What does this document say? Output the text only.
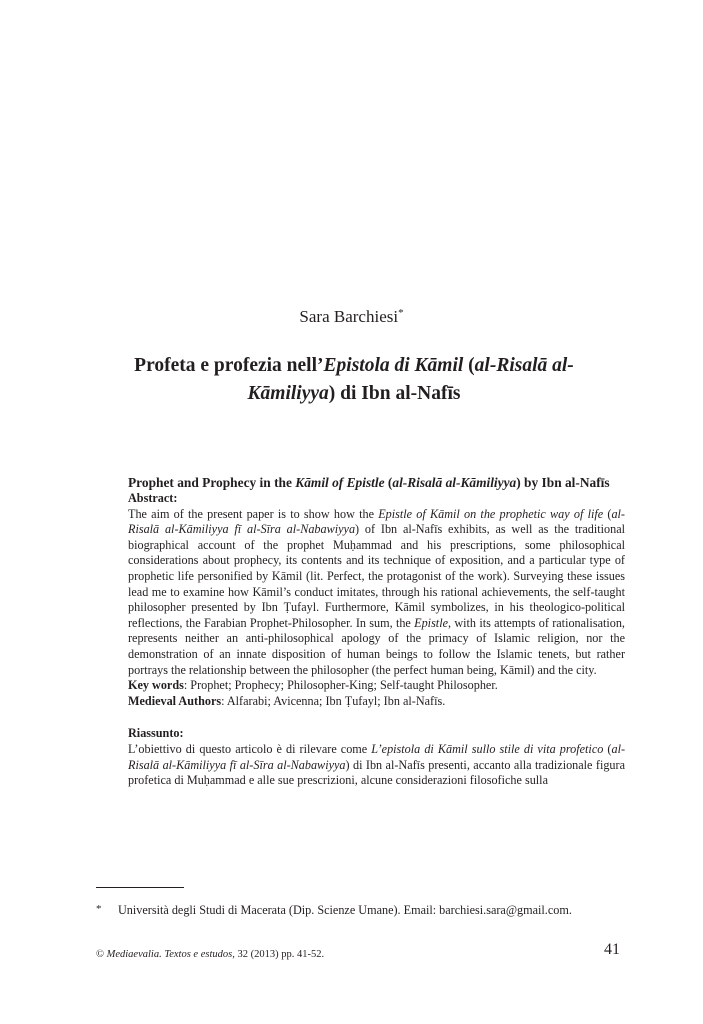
Sara Barchiesi*
Profeta e profezia nell’Epistola di Kāmil (al-Risalā al-Kāmiliyya) di Ibn al-Nafīs
Prophet and Prophecy in the Kāmil of Epistle (al-Risalā al-Kāmiliyya) by Ibn al-Nafīs
Abstract:

The aim of the present paper is to show how the Epistle of Kāmil on the prophetic way of life (al-Risalā al-Kāmiliyya fī al-Sīra al-Nabawiyya) of Ibn al-Nafīs exhibits, as well as the traditional biographical account of the prophet Muḥammad and his prescriptions, some philosophical considerations about prophecy, its contents and its technique of exposition, and a particular type of prophetic life personified by Kāmil (lit. Perfect, the protagonist of the work). Surveying these issues lead me to examine how Kāmil’s conduct imitates, through his rational achievements, the self-taught philosopher presented by Ibn Ṭufayl. Furthermore, Kāmil symbolizes, in his theologico-political reflections, the Farabian Prophet-Philosopher. In sum, the Epistle, with its attempts of rationalisation, represents neither an anti-philosophical apology of the primacy of Islamic religion, nor the demonstration of an innate disposition of human beings to follow the Islamic tenets, but rather portrays the relationship between the philosopher (the perfect human being, Kāmil) and the city.

Key words: Prophet; Prophecy; Philosopher-King; Self-taught Philosopher.
Medieval Authors: Alfarabi; Avicenna; Ibn Ṭufayl; Ibn al-Nafīs.
Riassunto:

L’obiettivo di questo articolo è di rilevare come L’epistola di Kāmil sullo stile di vita profetico (al-Risalā al-Kāmiliyya fī al-Sīra al-Nabawiyya) di Ibn al-Nafīs presenti, accanto alla tradizionale figura profetica di Muḥammad e alle sue prescrizioni, alcune considerazioni filosofiche sulla

* Università degli Studi di Macerata (Dip. Scienze Umane). Email: barchiesi.sara@gmail.com.
© Mediaevalia. Textos e estudos, 32 (2013) pp. 41-52.	41
